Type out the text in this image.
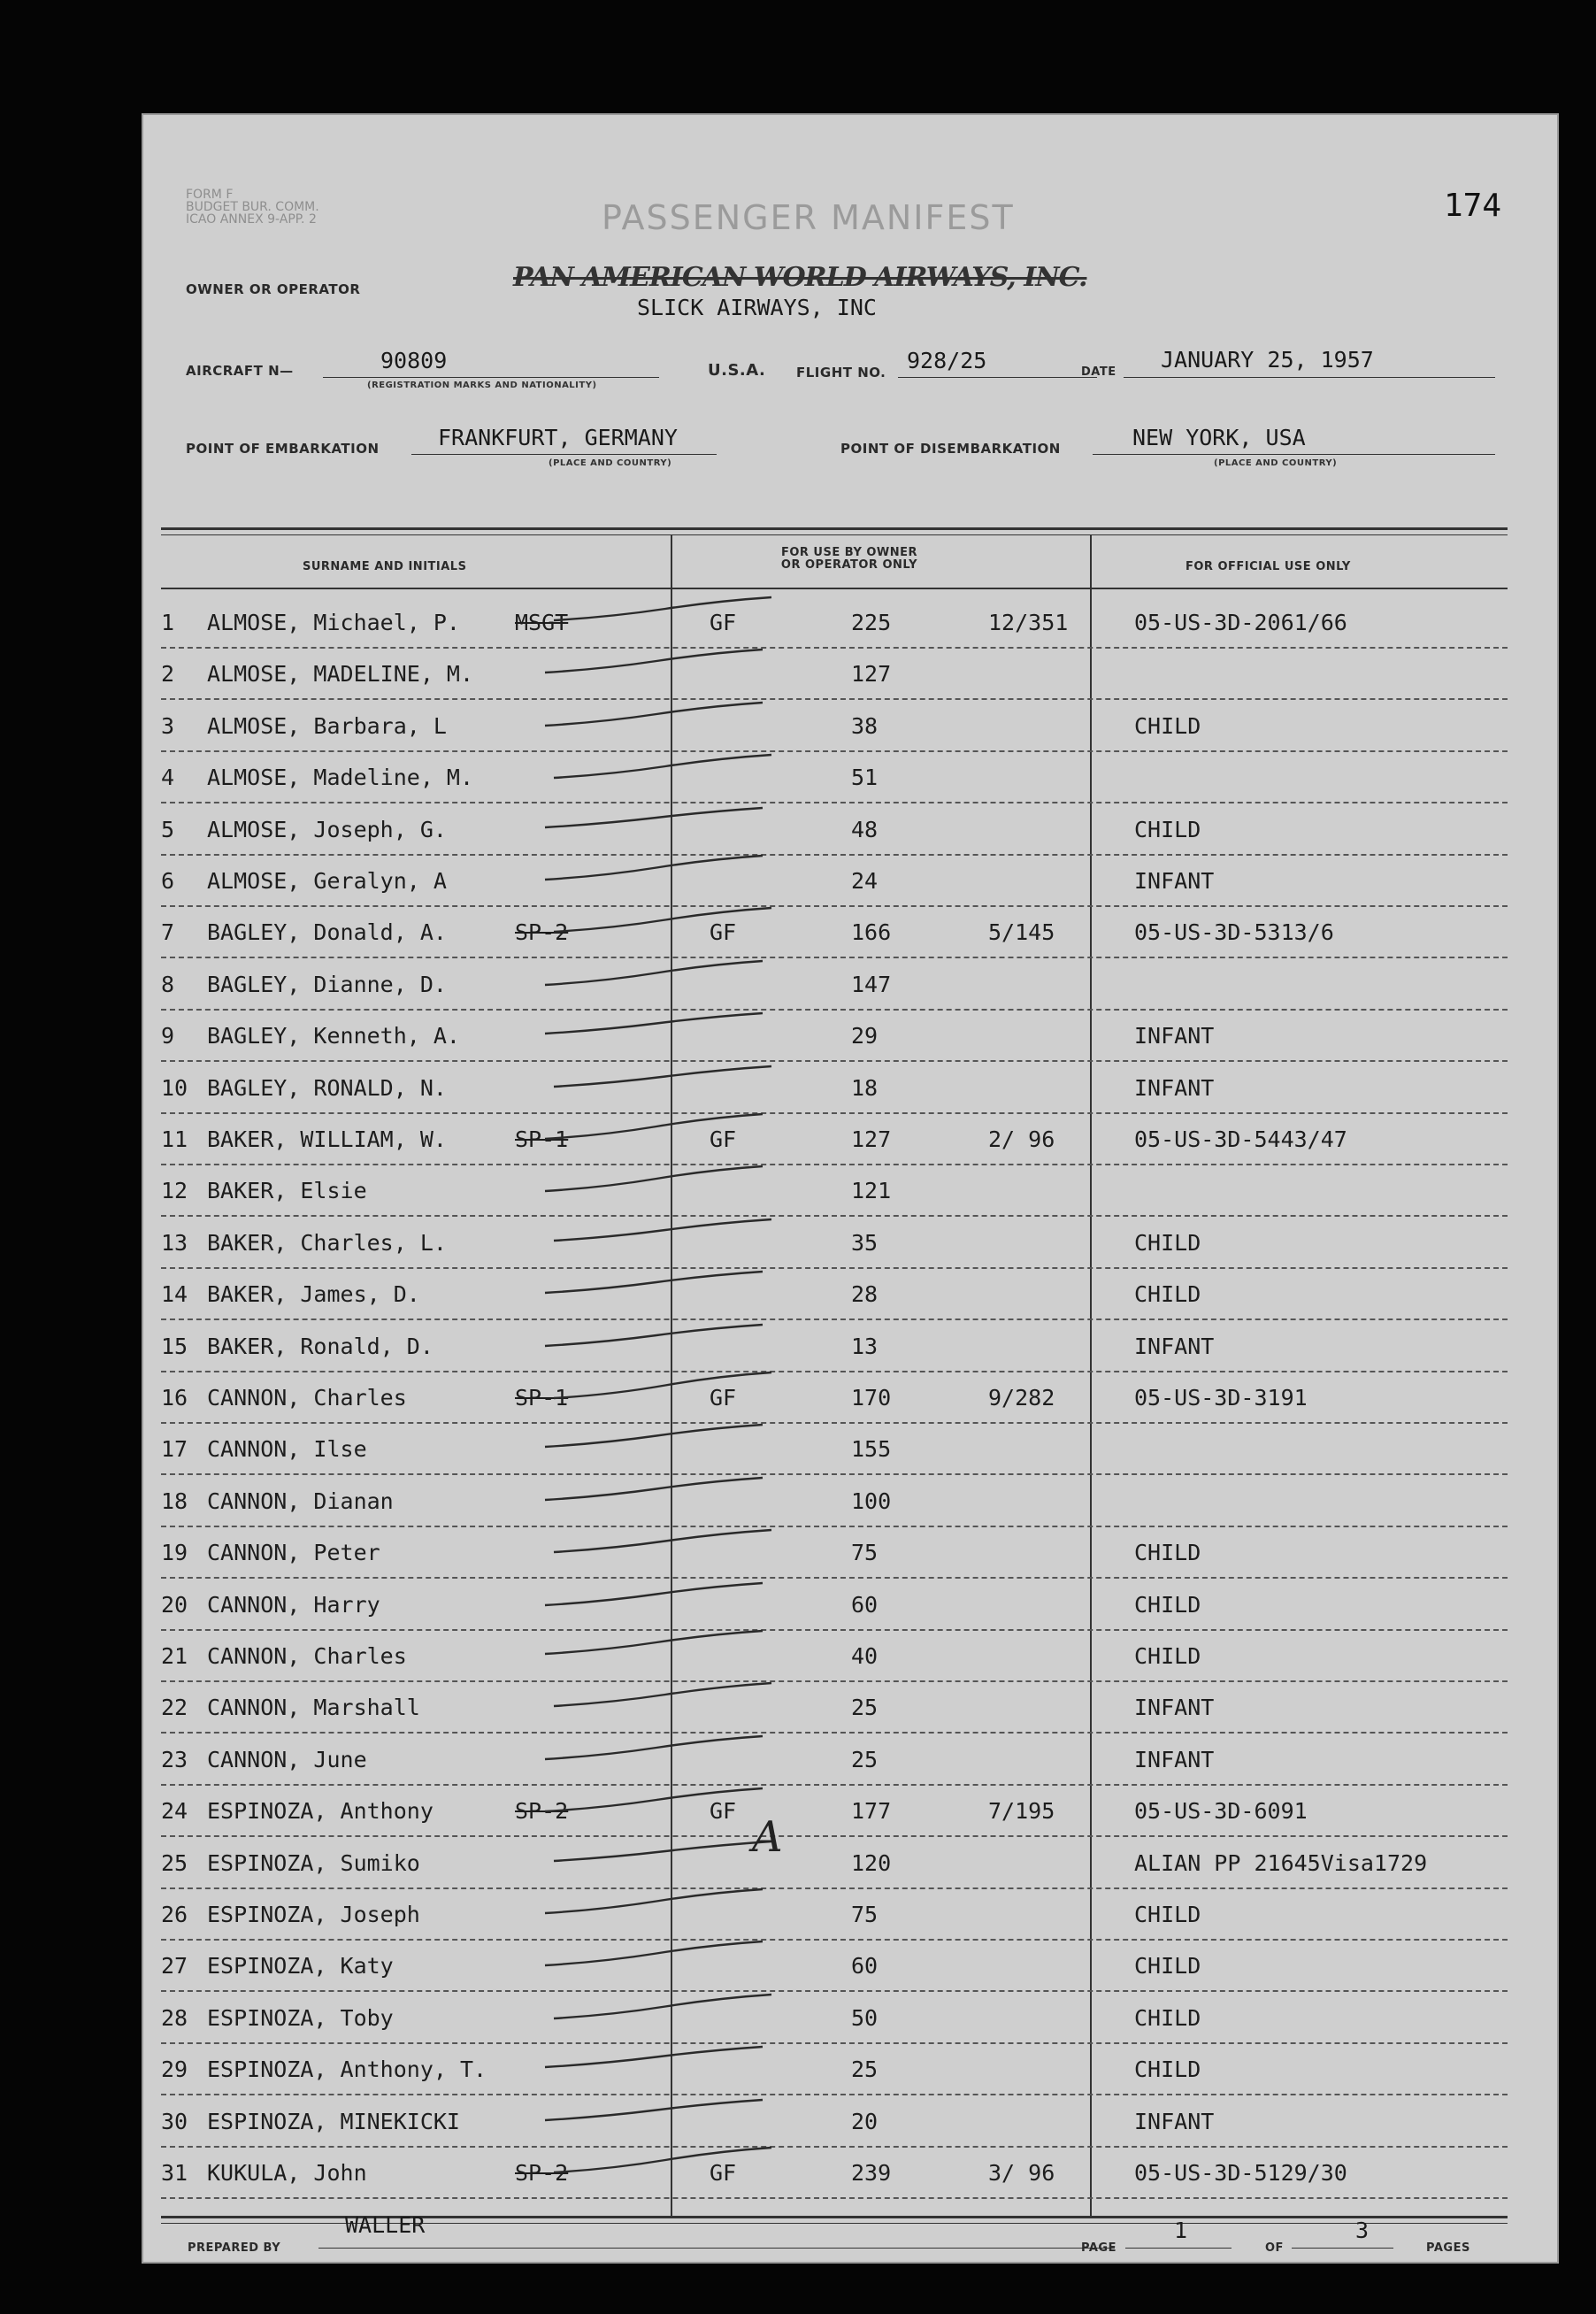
FORM F
BUDGET BUR. COMM.
ICAO ANNEX 9-APP. 2	PASSENGER MANIFEST	174
OWNER OR OPERATOR	PAN AMERICAN WORLD AIRWAYS, INC.
SLICK AIRWAYS, INC
AIRCRAFT N—	90809
(REGISTRATION MARKS AND NATIONALITY)
U.S.A. FLIGHT NO. 928/25	DATE JANUARY 25, 1957
POINT OF EMBARKATION	FRANKFURT, GERMANY
(PLACE AND COUNTRY)
POINT OF DISEMBARKATION	NEW YORK, USA
(PLACE AND COUNTRY)
SURNAME AND INITIALS
FOR USE BY OWNER OR OPERATOR ONLY	FOR OFFICIAL USE ONLY
1 ALMOSE, Michael, P. MSGT	GF	225	12/351	05-US-3D-2061/66
2 ALMOSE, MADELINE, M.	127
3 ALMOSE, Barbara, L	38	CHILD
4 ALMOSE, Madeline, M.	51
5 ALMOSE, Joseph, G.	48	CHILD
6 ALMOSE, Geralyn, A	24	INFANT
7 BAGLEY, Donald, A.	SP-2	GF	166	5/145	05-US-3D-5313/6
8 BAGLEY, Dianne, D.	147
9 BAGLEY, Kenneth, A.	29	INFANT
10 BAGLEY, RONALD, N.	18	INFANT
11 BAKER, WILLIAM, W.	SP-1	GF	127	2/ 96	05-US-3D-5443/47
12 BAKER, Elsie	121
13 BAKER, Charles, L.	35	CHILD
14 BAKER, James, D.	28	CHILD
15 BAKER, Ronald, D.	13	INFANT
16 CANNON, Charles	SP-1	GF	170	9/282	05-US-3D-3191
17 CANNON, Ilse	155
18 CANNON, Dianan	100
19 CANNON, Peter	75	CHILD
20 CANNON, Harry	60	CHILD
21 CANNON, Charles	40	CHILD
22 CANNON, Marshall	25	INFANT
23 CANNON, June	25	INFANT
24 ESPINOZA, Anthony	SP-2	GF	177	7/195	05-US-3D-6091
25 ESPINOZA, Sumiko	120	ALIAN PP 21645Visa1729
26 ESPINOZA, Joseph	75	CHILD
27 ESPINOZA, Katy	60	CHILD
28 ESPINOZA, Toby	50	CHILD
29 ESPINOZA, Anthony, T.	25	CHILD
30 ESPINOZA, MINEKICKI	20	INFANT
31 KUKULA, John	SP-2	GF	239	3/ 96	05-US-3D-5129/30
A
WALLER
PREPARED BY	PAGE
1
OF
3
PAGES
